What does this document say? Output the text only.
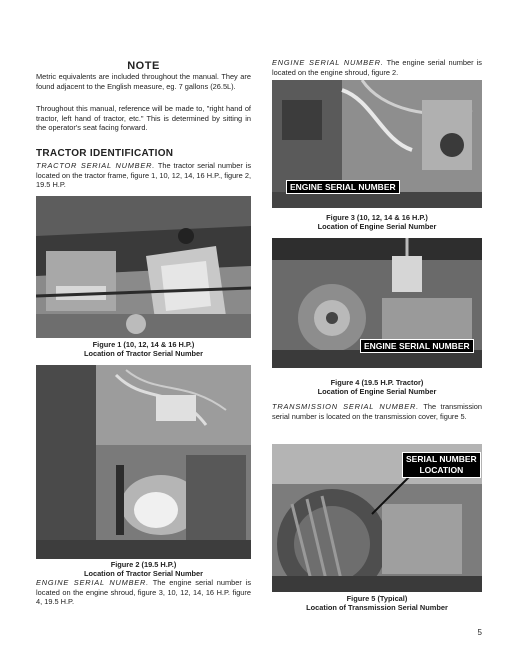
NOTE

Metric equivalents are included throughout the manual. They are found adjacent to the English measure, eg. 7 gallons (26.5L).

Throughout this manual, reference will be made to, "right hand of tractor, left hand of tractor, etc." This is determined by sitting in the operator's seat facing forward.

TRACTOR IDENTIFICATION

TRACTOR SERIAL NUMBER. The tractor serial number is located on the tractor frame, figure 1, 10, 12, 14, 16 H.P., figure 2, 19.5 H.P.

Figure 1 (10, 12, 14 & 16 H.P.)
Location of Tractor Serial Number
Figure 2 (19.5 H.P.)
Location of Tractor Serial Number

ENGINE SERIAL NUMBER. The engine serial number is located on the engine shroud, figure 3, 10, 12, 14, 16 H.P. figure 4, 19.5 H.P.

ENGINE SERIAL NUMBER. The engine serial number is located on the engine shroud, figure 2.

ENGINE SERIAL NUMBER
Figure 3 (10, 12, 14 & 16 H.P.)
Location of Engine Serial Number
ENGINE SERIAL NUMBER
Figure 4 (19.5 H.P. Tractor)
Location of Engine Serial Number

TRANSMISSION SERIAL NUMBER. The transmission serial number is located on the transmission cover, figure 5.

SERIAL NUMBER
LOCATION
Figure 5 (Typical)
Location of Transmission Serial Number
5
